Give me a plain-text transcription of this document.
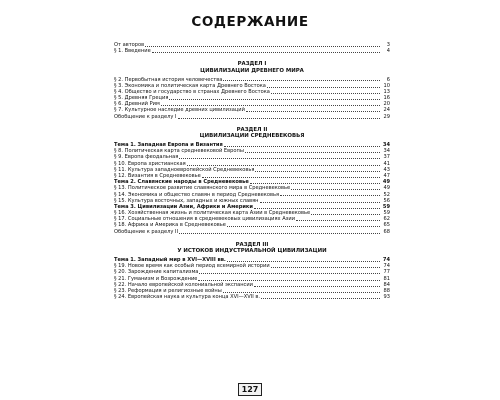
СОДЕРЖАНИЕ
От авторов	3
§ 1. Введение	4
РАЗДЕЛ I
ЦИВИЛИЗАЦИИ ДРЕВНЕГО МИРА
§ 2. Первобытная история человечества	6
§ 3. Экономика и политическая карта Древнего Востока	10
§ 4. Общество и государство в странах Древнего Востока	13
§ 5. Древняя Греция	16
§ 6. Древний Рим	20
§ 7. Культурное наследие древних цивилизаций	24
Обобщение к разделу I	29
РАЗДЕЛ II
ЦИВИЛИЗАЦИИ СРЕДНЕВЕКОВЬЯ
Тема 1. Западная Европа и Византия	34
§ 8. Политическая карта средневековой Европы	34
§ 9. Европа феодальная	37
§ 10. Европа христианская	41
§ 11. Культура западноевропейской Средневековья	43
§ 12. Византия в Средневековье	47
Тема 2. Славянские народы в Средневековье	49
§ 13. Политическое развитие славянского мира в Средневековье	49
§ 14. Экономика и общество славян в период Средневековья	52
§ 15. Культура восточных, западных и южных славян	56
Тема 3. Цивилизации Азии, Африки и Америки	59
§ 16. Хозяйственная жизнь и политическая карта Азии в Средневековье	59
§ 17. Социальные отношения в средневековых цивилизациях Азии	62
§ 18. Африка и Америка в Средневековье	65
Обобщение к разделу II	68
РАЗДЕЛ III
У ИСТОКОВ ИНДУСТРИАЛЬНОЙ ЦИВИЛИЗАЦИИ
Тема 1. Западный мир в XVI—XVIII вв.	74
§ 19. Новое время как особый период всемирной истории	74
§ 20. Зарождение капитализма	77
§ 21. Гуманизм и Возрождение	81
§ 22. Начало европейской колониальной экспансии	84
§ 23. Реформация и религиозные войны	88
§ 24. Европейская наука и культура конца XVI—XVII в.	93
127
